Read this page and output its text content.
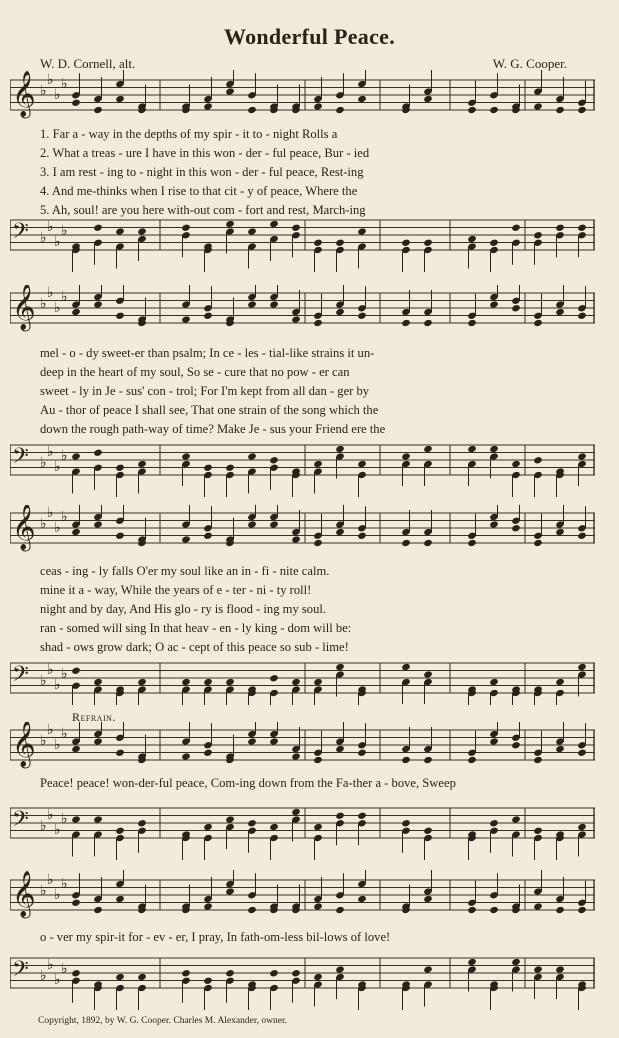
Wonderful Peace.
W. D. Cornell, alt.	W. G. Cooper.
𝄞 ♭
♭
♭
♭
𝄢 ♭
♭
♭
♭
1. Far a - way in the depths of my spir - it to - night Rolls a
2. What a treas - ure I have in this won - der - ful peace, Bur - ied
3. I am rest - ing to - night in this won - der - ful peace, Rest-ing
4. And me-thinks when I rise to that cit - y of peace, Where the
5. Ah, soul! are you here with-out com - fort and rest, March-ing
𝄞 ♭
♭
♭
♭
𝄢 ♭
♭
♭
♭
mel - o - dy sweet-er than psalm; In ce - les - tial-like strains it un-
deep in the heart of my soul, So se - cure that no pow - er can
sweet - ly in Je - sus' con - trol; For I'm kept from all dan - ger by
Au - thor of peace I shall see, That one strain of the song which the
down the rough path-way of time? Make Je - sus your Friend ere the
𝄞 ♭
♭
♭
♭
𝄢 ♭
♭
♭
♭
ceas - ing - ly falls O'er my soul like an in - fi - nite calm.
mine it a - way, While the years of e - ter - ni - ty roll!
night and by day, And His glo - ry is flood - ing my soul.
ran - somed will sing In that heav - en - ly king - dom will be:
shad - ows grow dark; O ac - cept of this peace so sub - lime!
Refrain.
𝄞 ♭
♭
♭
♭
𝄢 ♭
♭
♭
♭
Peace! peace! won-der-ful peace, Com-ing down from the Fa-ther a - bove, Sweep
𝄞 ♭
♭
♭
♭
𝄢 ♭
♭
♭
♭
o - ver my spir-it for - ev - er, I pray, In fath-om-less bil-lows of love!
Copyright, 1892, by W. G. Cooper. Charles M. Alexander, owner.
